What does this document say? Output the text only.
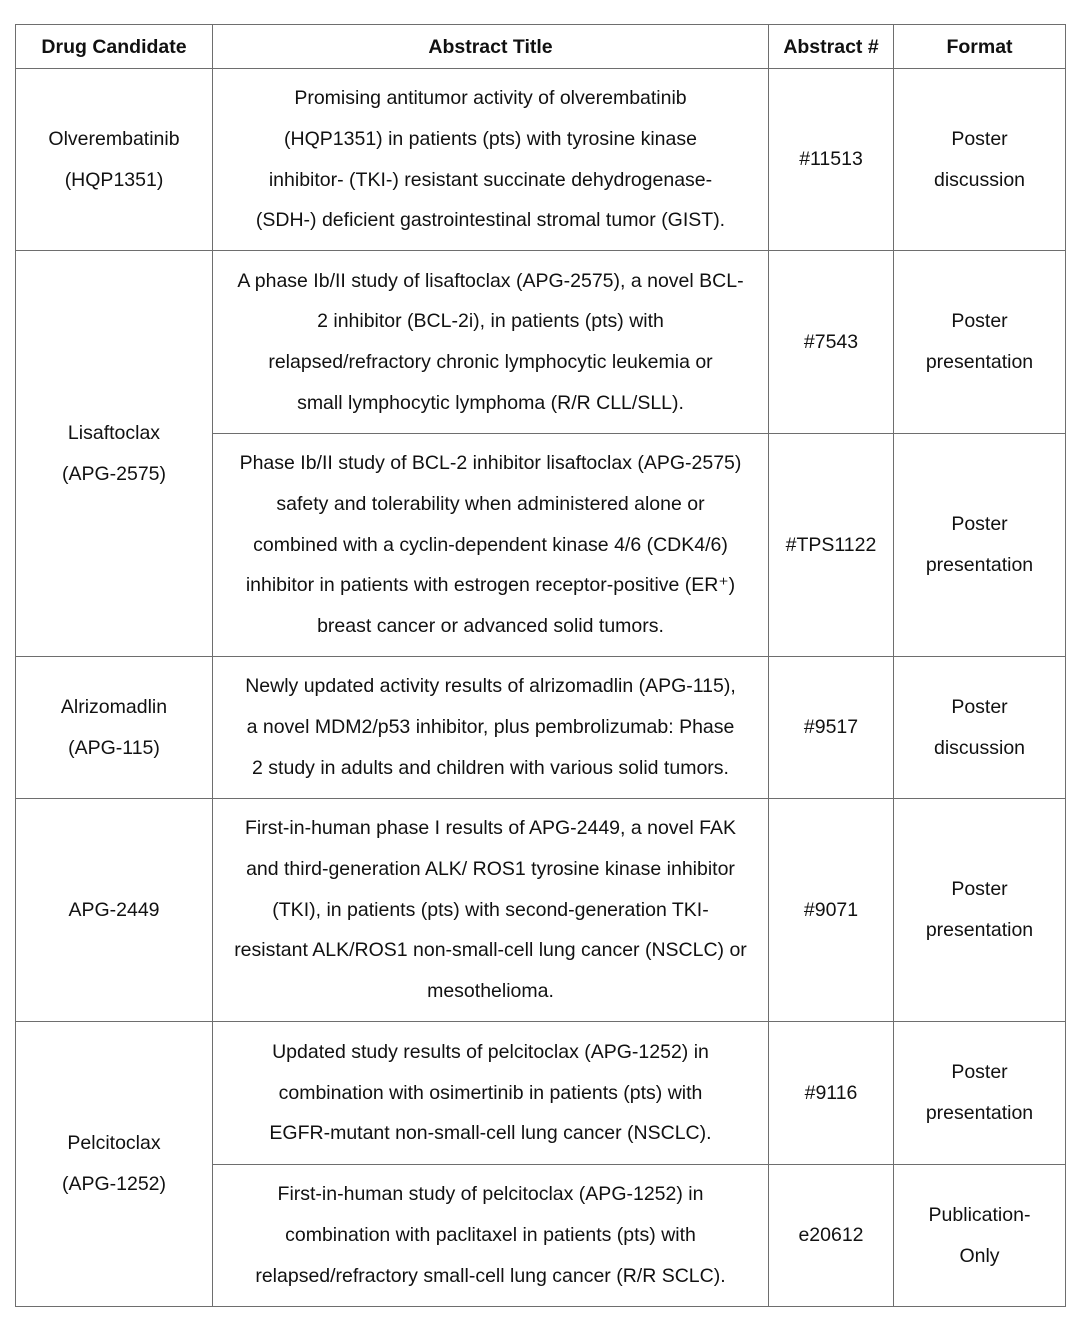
Drug Candidate	Abstract Title	Abstract #	Format

Olverembatinib
(HQP1351)	Promising antitumor activity of olverembatinib
(HQP1351) in patients (pts) with tyrosine kinase
inhibitor- (TKI-) resistant succinate dehydrogenase-
(SDH-) deficient gastrointestinal stromal tumor (GIST).	#11513	Poster
discussion

Lisaftoclax
(APG-2575)	A phase Ib/II study of lisaftoclax (APG-2575), a novel BCL-
2 inhibitor (BCL-2i), in patients (pts) with
relapsed/refractory chronic lymphocytic leukemia or
small lymphocytic lymphoma (R/R CLL/SLL).	#7543	Poster
presentation

	Phase Ib/II study of BCL-2 inhibitor lisaftoclax (APG-2575)
safety and tolerability when administered alone or
combined with a cyclin-dependent kinase 4/6 (CDK4/6)
inhibitor in patients with estrogen receptor-positive (ER⁺)
breast cancer or advanced solid tumors.	#TPS1122	Poster
presentation

Alrizomadlin
(APG-115)	Newly updated activity results of alrizomadlin (APG-115),
a novel MDM2/p53 inhibitor, plus pembrolizumab: Phase
2 study in adults and children with various solid tumors.	#9517	Poster
discussion

APG-2449	First-in-human phase I results of APG-2449, a novel FAK
and third-generation ALK/ ROS1 tyrosine kinase inhibitor
(TKI), in patients (pts) with second-generation TKI-
resistant ALK/ROS1 non-small-cell lung cancer (NSCLC) or
mesothelioma.	#9071	Poster
presentation

Pelcitoclax
(APG-1252)	Updated study results of pelcitoclax (APG-1252) in
combination with osimertinib in patients (pts) with
EGFR-mutant non-small-cell lung cancer (NSCLC).	#9116	Poster
presentation

	First-in-human study of pelcitoclax (APG-1252) in
combination with paclitaxel in patients (pts) with
relapsed/refractory small-cell lung cancer (R/R SCLC).	e20612	Publication-
Only
